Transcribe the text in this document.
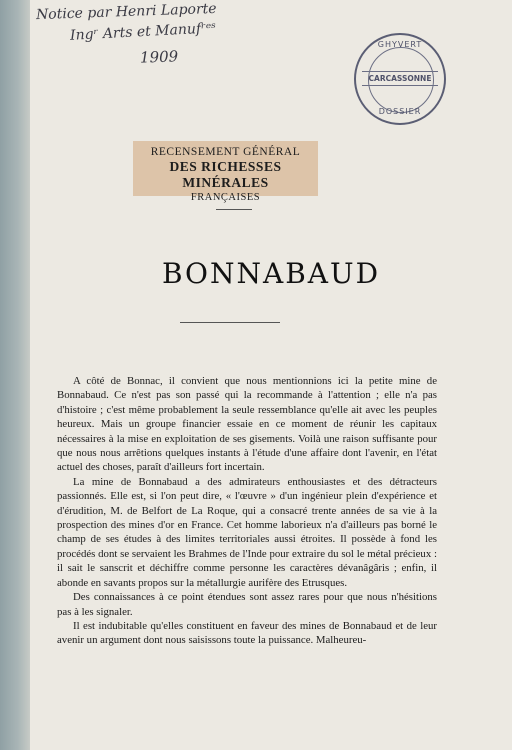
Notice par Henri Laporte
Ingʳ Arts et Manufʳᵉˢ
1909
GHYVERT
CARCASSONNE
DOSSIER
RECENSEMENT GÉNÉRAL
DES RICHESSES MINÉRALES
FRANÇAISES
BONNABAUD

A côté de Bonnac, il convient que nous mentionnions ici la petite mine de Bonnabaud. Ce n'est pas son passé qui la recommande à l'attention ; elle n'a pas d'histoire ; c'est même probablement la seule ressemblance qu'elle ait avec les peuples heureux. Mais un groupe financier essaie en ce moment de réunir les capitaux nécessaires à la mise en exploitation de ses gisements. Voilà une raison suffisante pour que nous nous arrêtions quelques instants à l'étude d'une affaire dont l'avenir, en l'état actuel des choses, paraît d'ailleurs fort incertain.

La mine de Bonnabaud a des admirateurs enthousiastes et des détracteurs passionnés. Elle est, si l'on peut dire, « l'œuvre » d'un ingénieur plein d'expérience et d'érudition, M. de Belfort de La Roque, qui a consacré trente années de sa vie à la prospection des mines d'or en France. Cet homme laborieux n'a d'ailleurs pas borné le champ de ses études à des limites territoriales aussi étroites. Il possède à fond les procédés dont se servaient les Brahmes de l'Inde pour extraire du sol le métal précieux : il sait le sanscrit et déchiffre comme personne les caractères dévanâgâris ; enfin, il abonde en savants propos sur la métallurgie aurifère des Etrusques.

Des connaissances à ce point étendues sont assez rares pour que nous n'hésitions pas à les signaler.

Il est indubitable qu'elles constituent en faveur des mines de Bonnabaud et de leur avenir un argument dont nous saisissons toute la puissance. Malheureu-
